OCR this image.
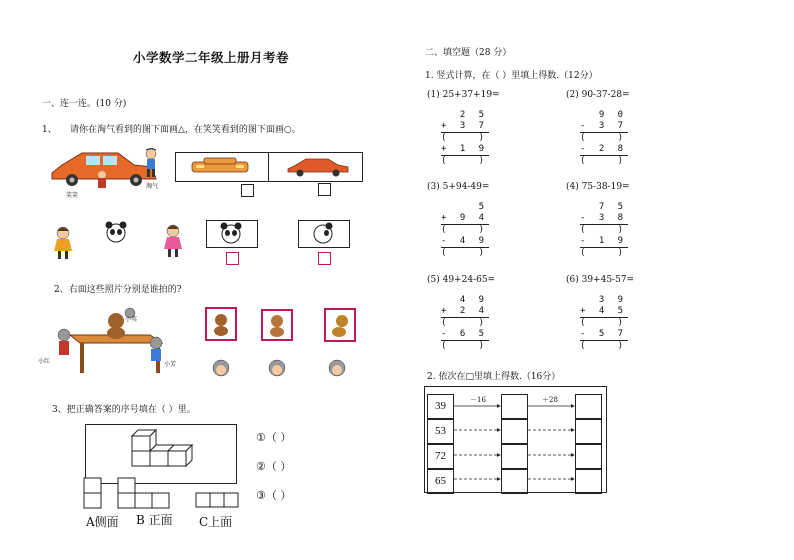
小学数学二年级上册月考卷
一、连一连。(10 分)
1、 请你在淘气看到的图下面画△，在笑笑看到的图下面画○。
笑笑
淘气
2、右面这些照片分别是谁拍的?
小红	小芳
小英
3、把正确答案的序号填在（ ）里。
①（ ）
②（ ）
③（ ）
A侧面 B 正面 C上面
二、填空题（28 分）
1. 竖式计算，在（ ）里填上得数.（12分）
(1) 25+37+19=
2 5
+ 3 7
(   )
+ 1 9
(   )
(2) 90-37-28=
9 0
- 3 7
(   )
- 2 8
(   )
(3) 5+94-49=
5
+ 9 4
(   )
- 4 9
(   )
(4) 75-38-19=
7 5
- 3 8
(   )
- 1 9
(   )
(5) 49+24-65=
4 9
+ 2 4
(   )
- 6 5
(   )
(6) 39+45-57=
3 9
+ 4 5
(   )
- 5 7
(   )
2. 依次在□里填上得数.（16分）
39
53
72
65
－16	＋28
